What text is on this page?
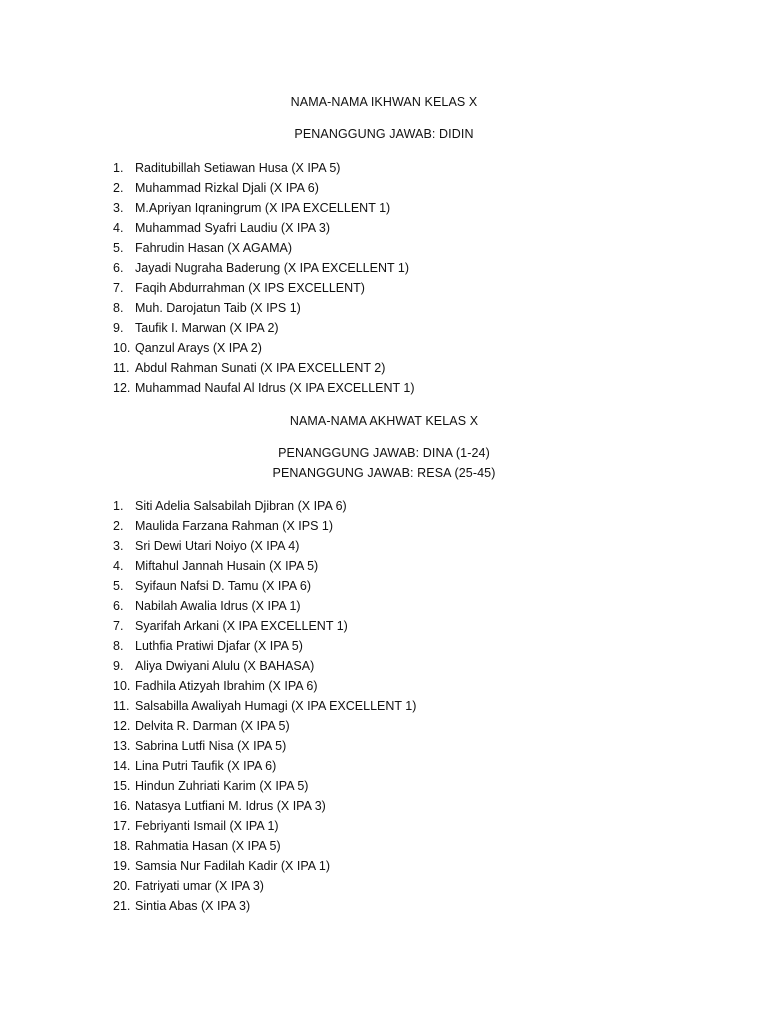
NAMA-NAMA IKHWAN KELAS X
PENANGGUNG JAWAB: DIDIN
1. Raditubillah Setiawan Husa (X IPA 5)
2. Muhammad Rizkal Djali (X IPA 6)
3. M.Apriyan Iqraningrum (X IPA EXCELLENT 1)
4. Muhammad Syafri Laudiu (X IPA 3)
5. Fahrudin Hasan (X AGAMA)
6. Jayadi Nugraha Baderung (X IPA EXCELLENT 1)
7. Faqih Abdurrahman (X IPS EXCELLENT)
8. Muh. Darojatun Taib (X IPS 1)
9. Taufik I. Marwan (X IPA 2)
10. Qanzul Arays (X IPA 2)
11. Abdul Rahman Sunati (X IPA EXCELLENT 2)
12. Muhammad Naufal Al Idrus (X IPA EXCELLENT 1)
NAMA-NAMA AKHWAT KELAS X
PENANGGUNG JAWAB: DINA (1-24)
PENANGGUNG JAWAB: RESA (25-45)
1. Siti Adelia Salsabilah Djibran (X IPA 6)
2. Maulida Farzana Rahman (X IPS 1)
3. Sri Dewi Utari Noiyo (X IPA 4)
4. Miftahul Jannah Husain (X IPA 5)
5. Syifaun Nafsi D. Tamu (X IPA 6)
6. Nabilah Awalia Idrus (X IPA 1)
7. Syarifah Arkani (X IPA EXCELLENT 1)
8. Luthfia Pratiwi Djafar (X IPA 5)
9. Aliya Dwiyani Alulu (X BAHASA)
10. Fadhila Atizyah Ibrahim (X IPA 6)
11. Salsabilla Awaliyah Humagi (X IPA EXCELLENT 1)
12. Delvita R. Darman (X IPA 5)
13. Sabrina Lutfi Nisa (X IPA 5)
14. Lina Putri Taufik (X IPA 6)
15. Hindun Zuhriati Karim (X IPA 5)
16. Natasya Lutfiani M. Idrus (X IPA 3)
17. Febriyanti Ismail (X IPA 1)
18. Rahmatia Hasan (X IPA 5)
19. Samsia Nur Fadilah Kadir (X IPA 1)
20. Fatriyati umar (X IPA 3)
21. Sintia Abas (X IPA 3)
